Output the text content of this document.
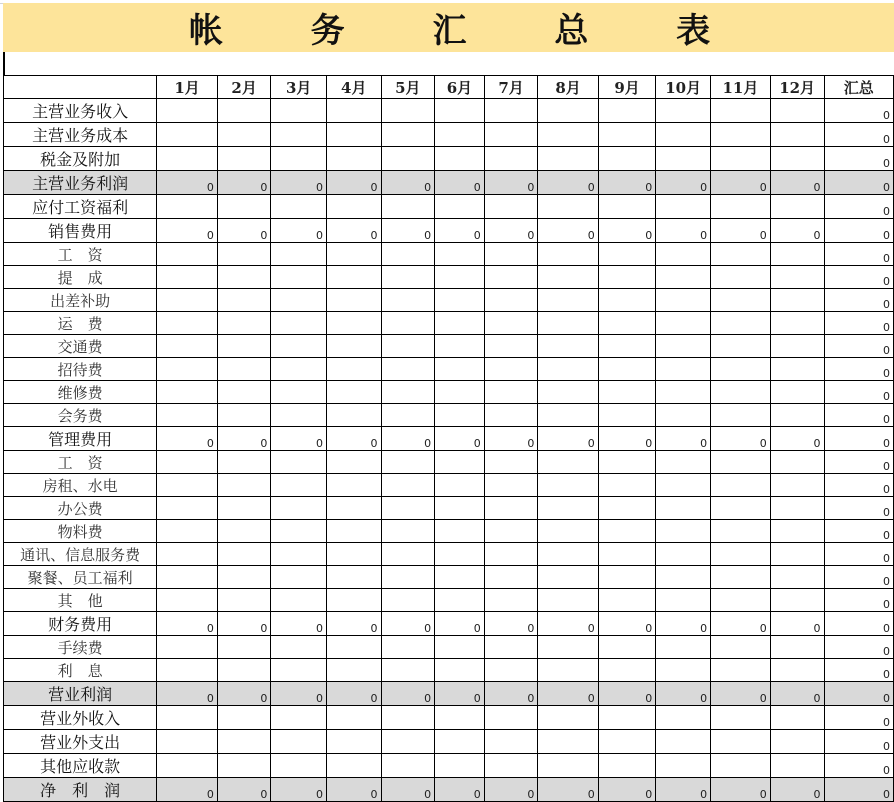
帐 务 汇 总 表
	1月	2月	3月	4月	5月	6月	7月	8月	9月	10月	11月	12月	汇总
主营业务收入													0
主营业务成本													0
税金及附加													0
主营业务利润	0	0	0	0	0	0	0	0	0	0	0	0	0
应付工资福利													0
销售费用	0	0	0	0	0	0	0	0	0	0	0	0	0
工　资													0
提　成													0
出差补助													0
运　费													0
交通费													0
招待费													0
维修费													0
会务费													0
管理费用	0	0	0	0	0	0	0	0	0	0	0	0	0
工　资													0
房租、水电													0
办公费													0
物料费													0
通讯、信息服务费													0
聚餐、员工福利													0
其　他													0
财务费用	0	0	0	0	0	0	0	0	0	0	0	0	0
手续费													0
利　息													0
营业利润	0	0	0	0	0	0	0	0	0	0	0	0	0
营业外收入													0
营业外支出													0
其他应收款													0
净　利　润	0	0	0	0	0	0	0	0	0	0	0	0	0
